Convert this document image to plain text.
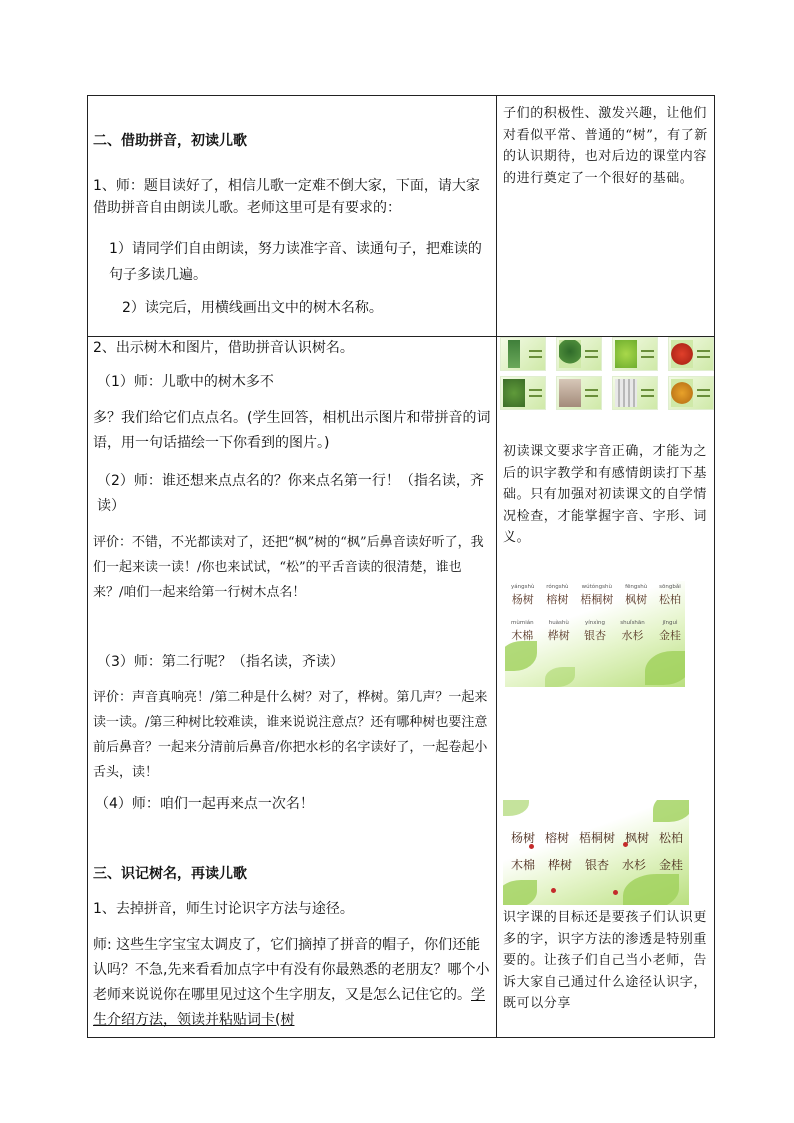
二、借助拼音，初读儿歌
1、师：题目读好了，相信儿歌一定难不倒大家，下面，请大家借助拼音自由朗读儿歌。老师这里可是有要求的：
1）请同学们自由朗读，努力读准字音、读通句子，把难读的句子多读几遍。
2）读完后，用横线画出文中的树木名称。
2、出示树木和图片，借助拼音认识树名。
（1）师：儿歌中的树木多不
多？我们给它们点点名。(学生回答，相机出示图片和带拼音的词语，用一句话描绘一下你看到的图片。)
（2）师：谁还想来点点名的？你来点名第一行！（指名读，齐读）
评价：不错，不光都读对了，还把“枫”树的“枫”后鼻音读好听了，我们一起来读一读！/你也来试试，“松”的平舌音读的很清楚，谁也来？/咱们一起来给第一行树木点名！
（3）师：第二行呢？（指名读，齐读）
评价：声音真响亮！/第二种是什么树？对了，桦树。第几声？一起来读一读。/第三种树比较难读，谁来说说注意点？还有哪种树也要注意前后鼻音？一起来分清前后鼻音/你把水杉的名字读好了，一起卷起小舌头，读！
（4）师：咱们一起再来点一次名！
三、识记树名，再读儿歌
1、去掉拼音，师生讨论识字方法与途径。
师: 这些生字宝宝太调皮了，它们摘掉了拼音的帽子，你们还能认吗？不急,先来看看加点字中有没有你最熟悉的老朋友？哪个小老师来说说你在哪里见过这个生字朋友，又是怎么记住它的。学生介绍方法，领读并粘贴词卡(树
子们的积极性、激发兴趣，让他们对看似平常、普通的“树”，有了新的认识期待，也对后边的课堂内容的进行奠定了一个很好的基础。
初读课文要求字音正确，才能为之后的识字教学和有感情朗读打下基础。只有加强对初读课文的自学情况检查，才能掌握字音、字形、词义。
yángshù
杨树
róngshù
榕树
wútóngshù
梧桐树
fēngshù
枫树
sōngbǎi
松柏
mùmián
木棉
huàshù
桦树
yínxìng
银杏
shuǐshān
水杉
jīnguì
金桂
杨树 榕树 梧桐树 枫树 松柏
木棉 桦树 银杏 水杉 金桂
识字课的目标还是要孩子们认识更多的字，识字方法的渗透是特别重要的。让孩子们自己当小老师，告诉大家自己通过什么途径认识字，既可以分享
